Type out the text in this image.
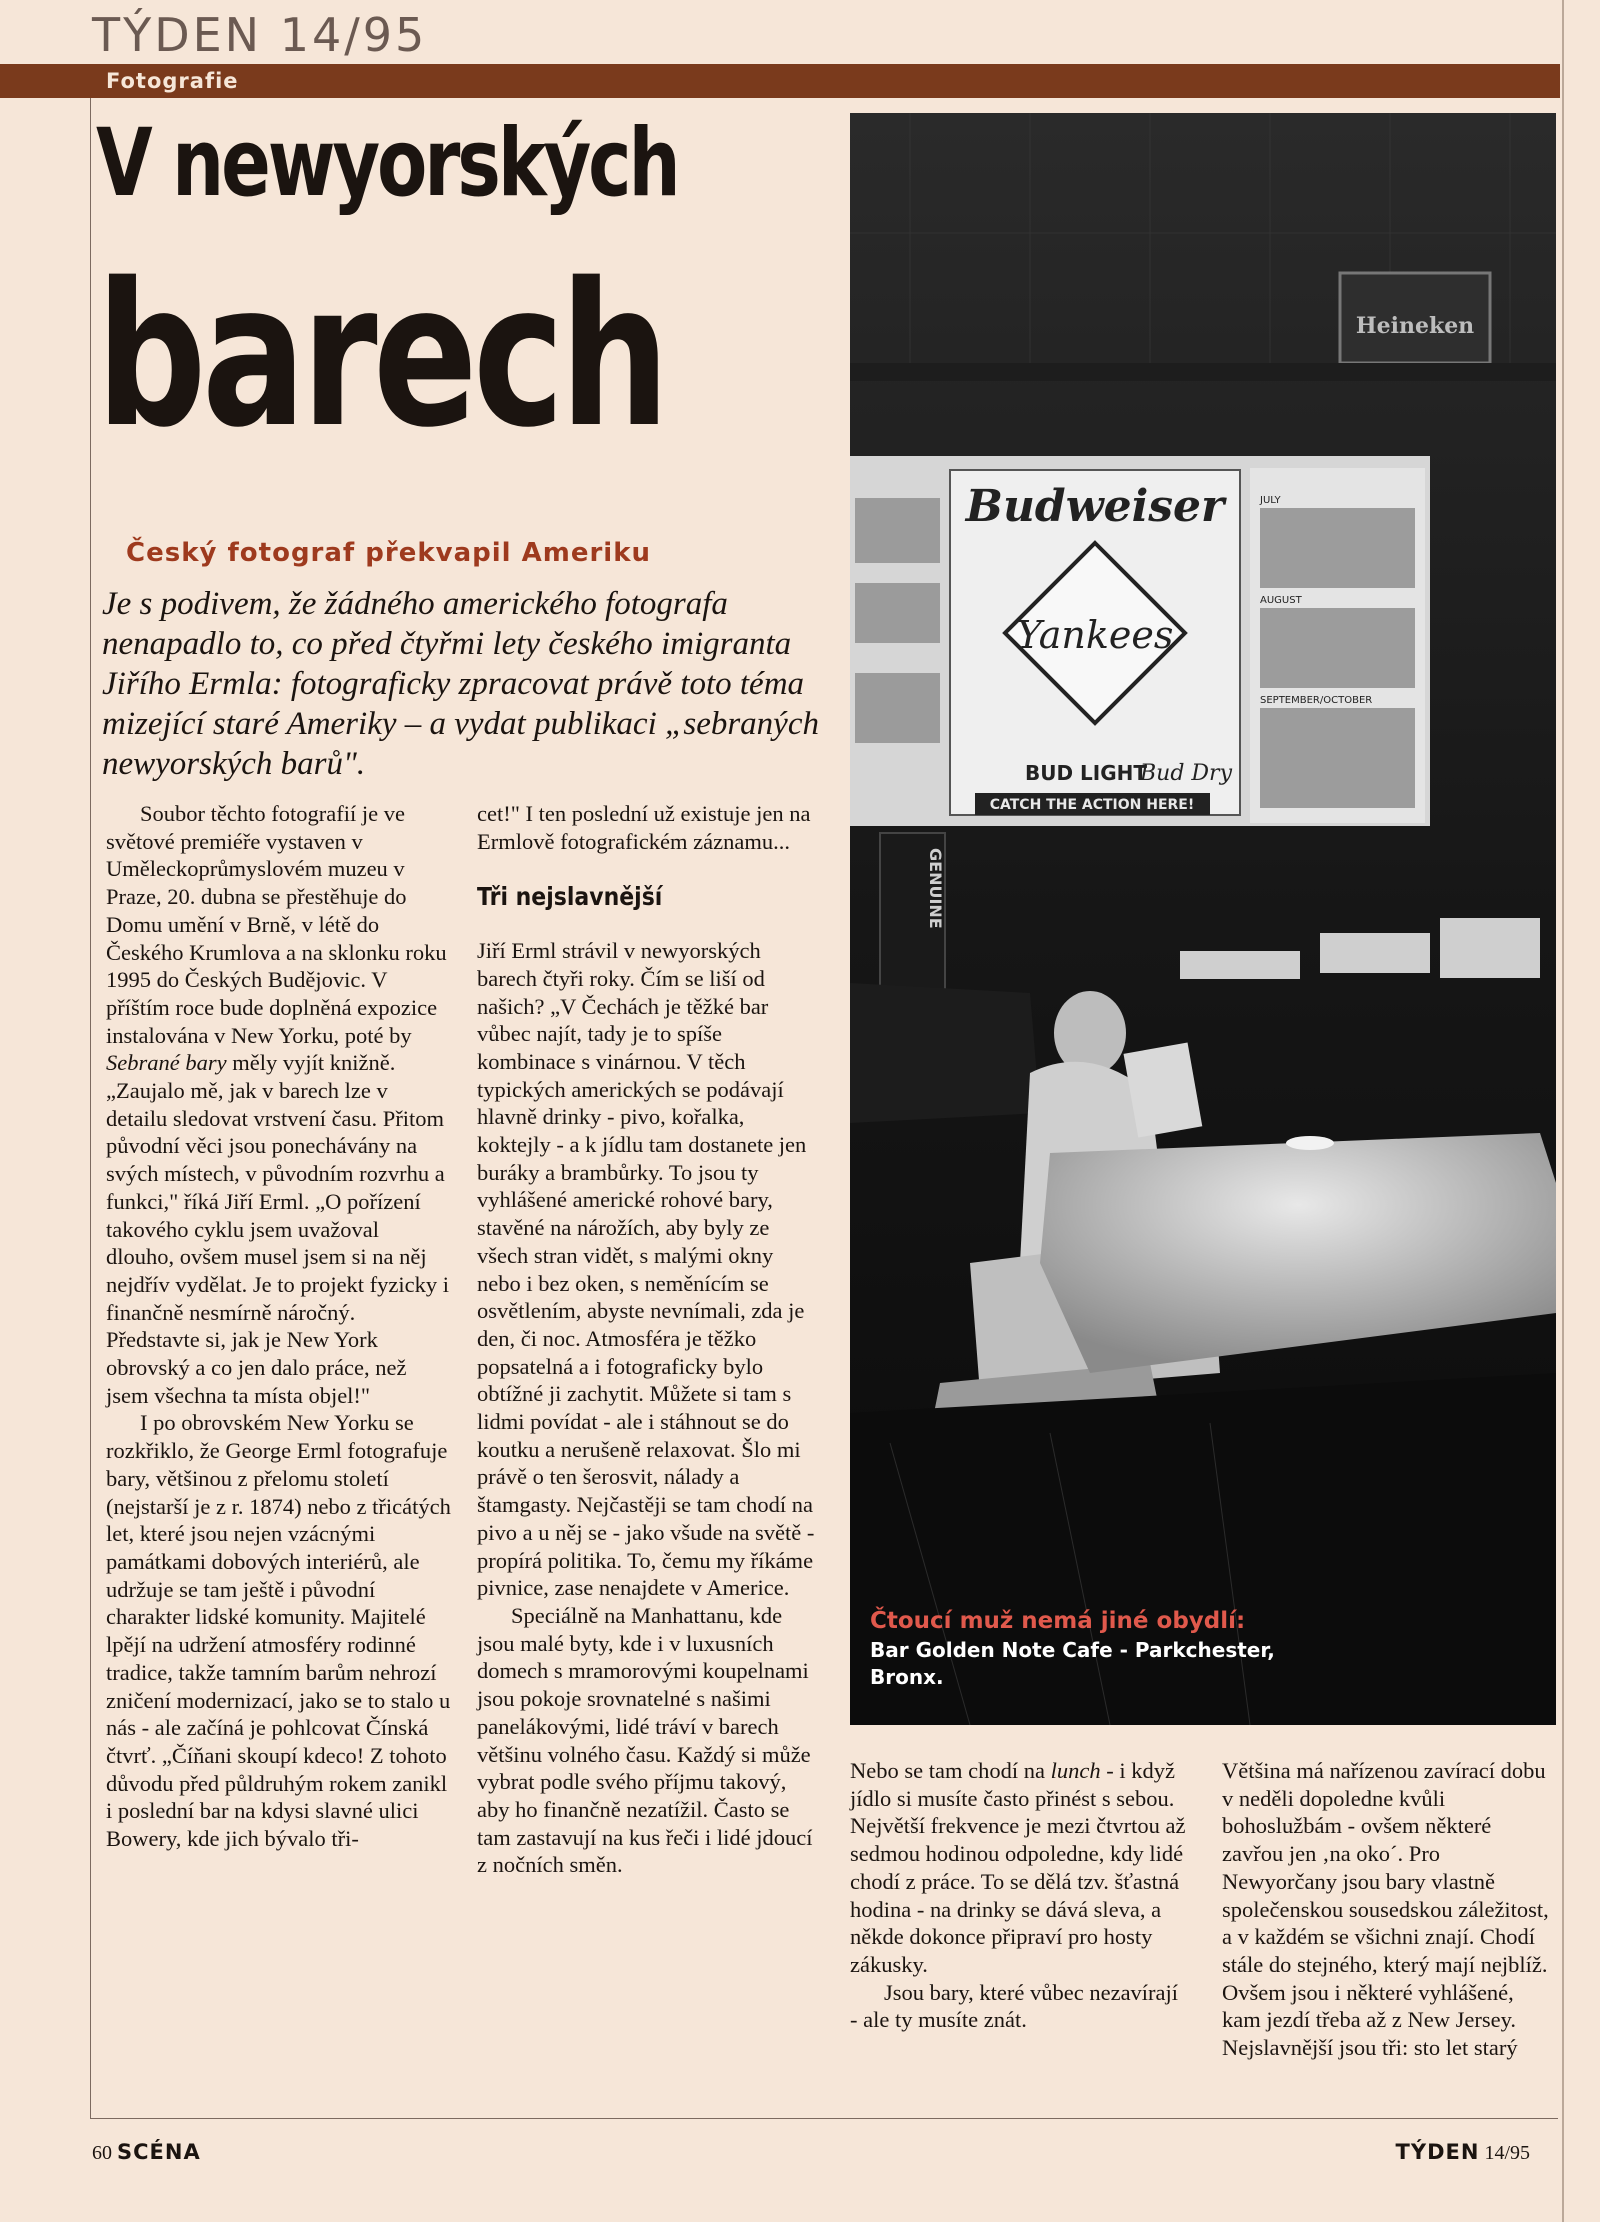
TÝDEN 14/95
Fotografie
V newyorských
barech
Český fotograf překvapil Ameriku
Je s podivem, že žádného amerického fotografa nenapadlo to, co před čtyřmi lety českého imigranta Jiřího Ermla: fotograficky zpracovat právě toto téma mizející staré Ameriky – a vydat publikaci „sebraných newyorských barů".

Soubor těchto fotografií je ve světové premiéře vystaven v Uměleckoprůmyslovém muzeu v Praze, 20. dubna se přestěhuje do Domu umění v Brně, v létě do Českého Krumlova a na sklonku roku 1995 do Českých Budějovic. V příštím roce bude doplněná expozice instalována v New Yorku, poté by Sebrané bary měly vyjít knižně. „Zaujalo mě, jak v barech lze v detailu sledovat vrstvení času. Přitom původní věci jsou ponechávány na svých místech, v původním rozvrhu a funkci," říká Jiří Erml. „O pořízení takového cyklu jsem uvažoval dlouho, ovšem musel jsem si na něj nejdřív vydělat. Je to projekt fyzicky i finančně nesmírně náročný. Představte si, jak je New York obrovský a co jen dalo práce, než jsem všechna ta místa objel!"

I po obrovském New Yorku se rozkřiklo, že George Erml fotografuje bary, většinou z přelomu století (nejstarší je z r. 1874) nebo z třicátých let, které jsou nejen vzácnými památkami dobových interiérů, ale udržuje se tam ještě i původní charakter lidské komunity. Majitelé lpějí na udržení atmosféry rodinné tradice, takže tamním barům nehrozí zničení modernizací, jako se to stalo u nás - ale začíná je pohlcovat Čínská čtvrť. „Číňani skoupí kdeco! Z tohoto důvodu před půldruhým rokem zanikl i poslední bar na kdysi slavné ulici Bowery, kde jich bývalo tři-

cet!" I ten poslední už existuje jen na Ermlově fotografickém záznamu...

Tři nejslavnější

Jiří Erml strávil v newyorských barech čtyři roky. Čím se liší od našich? „V Čechách je těžké bar vůbec najít, tady je to spíše kombinace s vinárnou. V těch typických amerických se podávají hlavně drinky - pivo, kořalka, koktejly - a k jídlu tam dostanete jen buráky a brambůrky. To jsou ty vyhlášené americké rohové bary, stavěné na nárožích, aby byly ze všech stran vidět, s malými okny nebo i bez oken, s neměnícím se osvětlením, abyste nevnímali, zda je den, či noc. Atmosféra je těžko popsatelná a i fotograficky bylo obtížné ji zachytit. Můžete si tam s lidmi povídat - ale i stáhnout se do koutku a nerušeně relaxovat. Šlo mi právě o ten šerosvit, nálady a štamgasty. Nejčastěji se tam chodí na pivo a u něj se - jako všude na světě - propírá politika. To, čemu my říkáme pivnice, zase nenajdete v Americe.

Speciálně na Manhattanu, kde jsou malé byty, kde i v luxusních domech s mramorovými koupelnami jsou pokoje srovnatelné s našimi panelákovými, lidé tráví v barech většinu volného času. Každý si může vybrat podle svého příjmu takový, aby ho finančně nezatížil. Často se tam zastavují na kus řeči i lidé jdoucí z nočních směn.

Heineken
Budweiser
Yankees
BUD LIGHT
Bud Dry
CATCH THE ACTION HERE!
JULY
AUGUST
SEPTEMBER/OCTOBER
GENUINE
Čtoucí muž nemá jiné obydlí:
Bar Golden Note Cafe - Parkchester, Bronx.

Nebo se tam chodí na lunch - i když jídlo si musíte často přinést s sebou. Největší frekvence je mezi čtvrtou až sedmou hodinou odpoledne, kdy lidé chodí z práce. To se dělá tzv. šťastná hodina - na drinky se dává sleva, a někde dokonce připraví pro hosty zákusky.

Jsou bary, které vůbec nezavírají - ale ty musíte znát.

Většina má nařízenou zavírací dobu v neděli dopoledne kvůli bohoslužbám - ovšem některé zavřou jen ‚na oko´. Pro Newyorčany jsou bary vlastně společenskou sousedskou záležitost, a v každém se všichni znají. Chodí stále do stejného, který mají nejblíž. Ovšem jsou i některé vyhlášené, kam jezdí třeba až z New Jersey. Nejslavnější jsou tři: sto let starý

60 SCÉNA	TÝDEN 14/95
